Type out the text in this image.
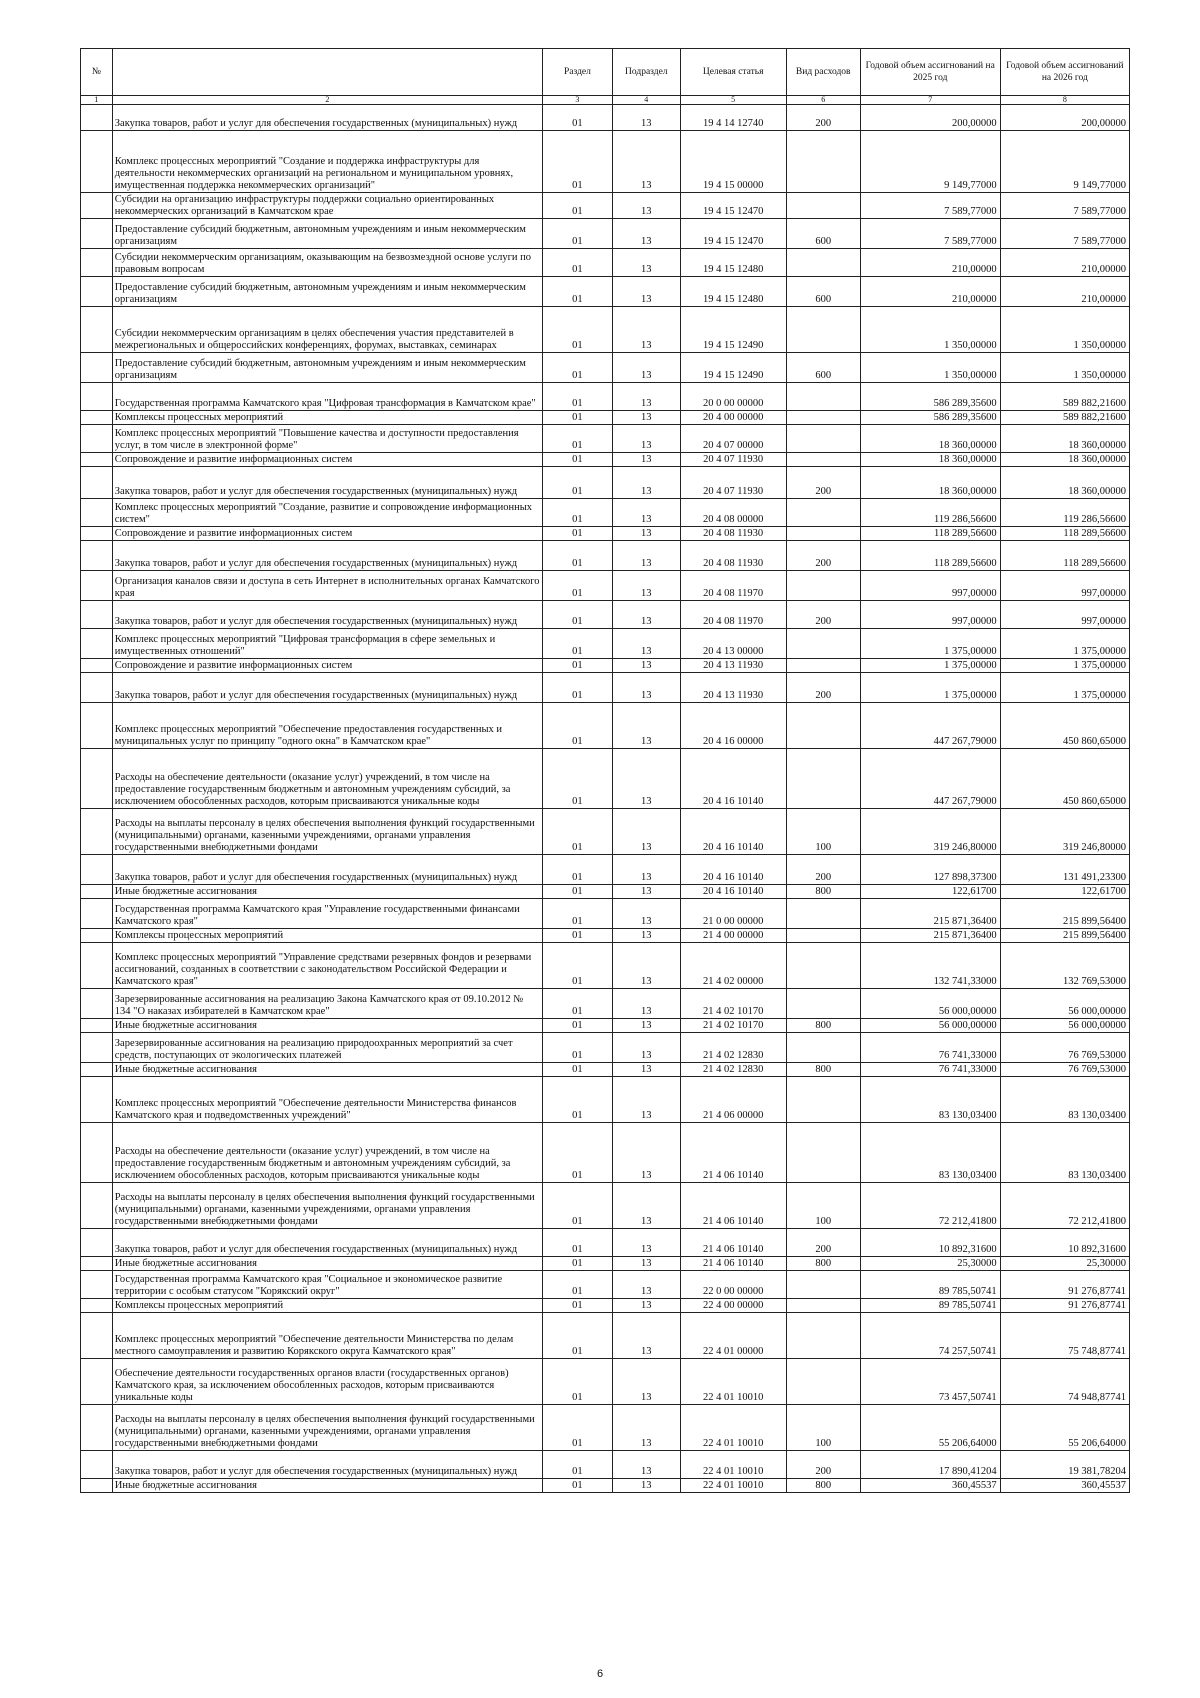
№		Раздел	Подраздел	Целевая статья	Вид расходов	Годовой объем ассигнований на 2025 год	Годовой объем ассигнований на 2026 год
1	2	3	4	5	6	7	8
	Закупка товаров, работ и услуг для обеспечения государственных (муниципальных) нужд	01	13	19 4 14 12740	200	200,00000	200,00000
	Комплекс процессных мероприятий "Создание и поддержка инфраструктуры для деятельности некоммерческих организаций на региональном и муниципальном уровнях, имущественная поддержка некоммерческих организаций"	01	13	19 4 15 00000		9 149,77000	9 149,77000
	Субсидии на организацию инфраструктуры поддержки социально ориентированных некоммерческих организаций в Камчатском крае	01	13	19 4 15 12470		7 589,77000	7 589,77000
	Предоставление субсидий бюджетным, автономным учреждениям и иным некоммерческим организациям	01	13	19 4 15 12470	600	7 589,77000	7 589,77000
	Субсидии некоммерческим организациям, оказывающим на безвозмездной основе услуги по правовым вопросам	01	13	19 4 15 12480		210,00000	210,00000
	Предоставление субсидий бюджетным, автономным учреждениям и иным некоммерческим организациям	01	13	19 4 15 12480	600	210,00000	210,00000
	Субсидии некоммерческим организациям в целях обеспечения участия представителей в межрегиональных и общероссийских конференциях, форумах, выставках, семинарах	01	13	19 4 15 12490		1 350,00000	1 350,00000
	Предоставление субсидий бюджетным, автономным учреждениям и иным некоммерческим организациям	01	13	19 4 15 12490	600	1 350,00000	1 350,00000
	Государственная программа Камчатского края "Цифровая трансформация в Камчатском крае"	01	13	20 0 00 00000		586 289,35600	589 882,21600
	Комплексы процессных мероприятий	01	13	20 4 00 00000		586 289,35600	589 882,21600
	Комплекс процессных мероприятий "Повышение качества и доступности предоставления услуг, в том числе в электронной форме"	01	13	20 4 07 00000		18 360,00000	18 360,00000
	Сопровождение и развитие информационных систем	01	13	20 4 07 11930		18 360,00000	18 360,00000
	Закупка товаров, работ и услуг для обеспечения государственных (муниципальных) нужд	01	13	20 4 07 11930	200	18 360,00000	18 360,00000
	Комплекс процессных мероприятий "Создание, развитие и сопровождение информационных систем"	01	13	20 4 08 00000		119 286,56600	119 286,56600
	Сопровождение и развитие информационных систем	01	13	20 4 08 11930		118 289,56600	118 289,56600
	Закупка товаров, работ и услуг для обеспечения государственных (муниципальных) нужд	01	13	20 4 08 11930	200	118 289,56600	118 289,56600
	Организация каналов связи и доступа в сеть Интернет в исполнительных органах Камчатского края	01	13	20 4 08 11970		997,00000	997,00000
	Закупка товаров, работ и услуг для обеспечения государственных (муниципальных) нужд	01	13	20 4 08 11970	200	997,00000	997,00000
	Комплекс процессных мероприятий "Цифровая трансформация в сфере земельных и имущественных отношений"	01	13	20 4 13 00000		1 375,00000	1 375,00000
	Сопровождение и развитие информационных систем	01	13	20 4 13 11930		1 375,00000	1 375,00000
	Закупка товаров, работ и услуг для обеспечения государственных (муниципальных) нужд	01	13	20 4 13 11930	200	1 375,00000	1 375,00000
	Комплекс процессных мероприятий "Обеспечение предоставления государственных и муниципальных услуг по принципу "одного окна" в Камчатском крае"	01	13	20 4 16 00000		447 267,79000	450 860,65000
	Расходы на обеспечение деятельности (оказание услуг) учреждений, в том числе на предоставление государственным бюджетным и автономным учреждениям субсидий, за исключением обособленных расходов, которым присваиваются уникальные коды	01	13	20 4 16 10140		447 267,79000	450 860,65000
	Расходы на выплаты персоналу в целях обеспечения выполнения функций государственными (муниципальными) органами, казенными учреждениями, органами управления государственными внебюджетными фондами	01	13	20 4 16 10140	100	319 246,80000	319 246,80000
	Закупка товаров, работ и услуг для обеспечения государственных (муниципальных) нужд	01	13	20 4 16 10140	200	127 898,37300	131 491,23300
	Иные бюджетные ассигнования	01	13	20 4 16 10140	800	122,61700	122,61700
	Государственная программа Камчатского края "Управление государственными финансами Камчатского края"	01	13	21 0 00 00000		215 871,36400	215 899,56400
	Комплексы процессных мероприятий	01	13	21 4 00 00000		215 871,36400	215 899,56400
	Комплекс процессных мероприятий "Управление средствами резервных фондов и резервами ассигнований, созданных в соответствии с законодательством Российской Федерации и Камчатского края"	01	13	21 4 02 00000		132 741,33000	132 769,53000
	Зарезервированные ассигнования на реализацию Закона Камчатского края от 09.10.2012 № 134 "О наказах избирателей в Камчатском крае"	01	13	21 4 02 10170		56 000,00000	56 000,00000
	Иные бюджетные ассигнования	01	13	21 4 02 10170	800	56 000,00000	56 000,00000
	Зарезервированные ассигнования на реализацию природоохранных мероприятий за счет средств, поступающих от экологических платежей	01	13	21 4 02 12830		76 741,33000	76 769,53000
	Иные бюджетные ассигнования	01	13	21 4 02 12830	800	76 741,33000	76 769,53000
	Комплекс процессных мероприятий "Обеспечение деятельности Министерства финансов Камчатского края и подведомственных учреждений"	01	13	21 4 06 00000		83 130,03400	83 130,03400
	Расходы на обеспечение деятельности (оказание услуг) учреждений, в том числе на предоставление государственным бюджетным и автономным учреждениям субсидий, за исключением обособленных расходов, которым присваиваются уникальные коды	01	13	21 4 06 10140		83 130,03400	83 130,03400
	Расходы на выплаты персоналу в целях обеспечения выполнения функций государственными (муниципальными) органами, казенными учреждениями, органами управления государственными внебюджетными фондами	01	13	21 4 06 10140	100	72 212,41800	72 212,41800
	Закупка товаров, работ и услуг для обеспечения государственных (муниципальных) нужд	01	13	21 4 06 10140	200	10 892,31600	10 892,31600
	Иные бюджетные ассигнования	01	13	21 4 06 10140	800	25,30000	25,30000
	Государственная программа Камчатского края "Социальное и экономическое развитие территории с особым статусом "Корякский округ"	01	13	22 0 00 00000		89 785,50741	91 276,87741
	Комплексы процессных мероприятий	01	13	22 4 00 00000		89 785,50741	91 276,87741
	Комплекс процессных мероприятий "Обеспечение деятельности Министерства по делам местного самоуправления и развитию Корякского округа Камчатского края"	01	13	22 4 01 00000		74 257,50741	75 748,87741
	Обеспечение деятельности государственных органов власти (государственных органов) Камчатского края, за исключением обособленных расходов, которым присваиваются уникальные коды	01	13	22 4 01 10010		73 457,50741	74 948,87741
	Расходы на выплаты персоналу в целях обеспечения выполнения функций государственными (муниципальными) органами, казенными учреждениями, органами управления государственными внебюджетными фондами	01	13	22 4 01 10010	100	55 206,64000	55 206,64000
	Закупка товаров, работ и услуг для обеспечения государственных (муниципальных) нужд	01	13	22 4 01 10010	200	17 890,41204	19 381,78204
	Иные бюджетные ассигнования	01	13	22 4 01 10010	800	360,45537	360,45537
6
